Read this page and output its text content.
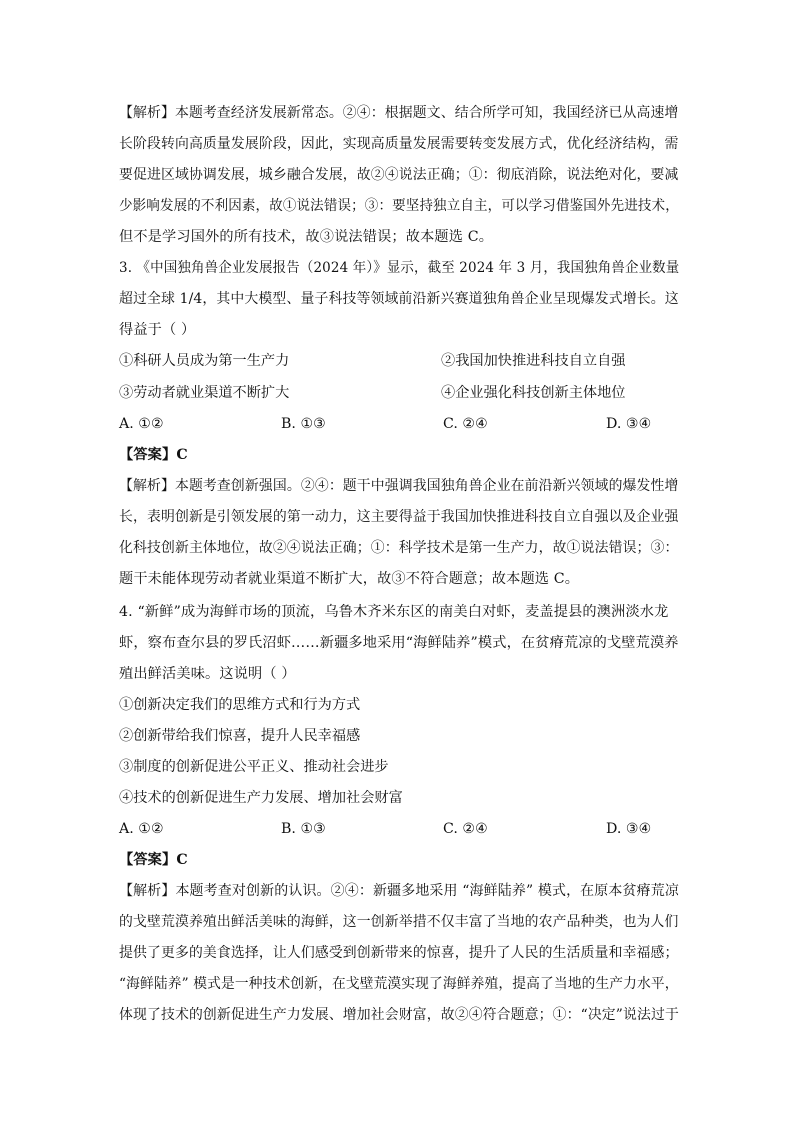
【解析】本题考查经济发展新常态。②④：根据题文、结合所学可知，我国经济已从高速增
长阶段转向高质量发展阶段，因此，实现高质量发展需要转变发展方式，优化经济结构，需
要促进区域协调发展，城乡融合发展，故②④说法正确；①：彻底消除，说法绝对化，要减
少影响发展的不利因素，故①说法错误；③：要坚持独立自主，可以学习借鉴国外先进技术，
但不是学习国外的所有技术，故③说法错误；故本题选 C。
3. 《中国独角兽企业发展报告（2024 年）》显示，截至 2024 年 3 月，我国独角兽企业数量
超过全球 1/4，其中大模型、量子科技等领域前沿新兴赛道独角兽企业呈现爆发式增长。这
得益于（ ）
①科研人员成为第一生产力	②我国加快推进科技自立自强
③劳动者就业渠道不断扩大	④企业强化科技创新主体地位
A. ①②	B. ①③	C. ②④	D. ③④
【答案】C
【解析】本题考查创新强国。②④：题干中强调我国独角兽企业在前沿新兴领域的爆发性增
长，表明创新是引领发展的第一动力，这主要得益于我国加快推进科技自立自强以及企业强
化科技创新主体地位，故②④说法正确；①：科学技术是第一生产力，故①说法错误；③：
题干未能体现劳动者就业渠道不断扩大，故③不符合题意；故本题选 C。
4. “新鲜”成为海鲜市场的顶流，乌鲁木齐米东区的南美白对虾，麦盖提县的澳洲淡水龙
虾，察布查尔县的罗氏沼虾……新疆多地采用“海鲜陆养”模式，在贫瘠荒凉的戈壁荒漠养
殖出鲜活美味。这说明（ ）
①创新决定我们的思维方式和行为方式
②创新带给我们惊喜，提升人民幸福感
③制度的创新促进公平正义、推动社会进步
④技术的创新促进生产力发展、增加社会财富
A. ①②	B. ①③	C. ②④	D. ③④
【答案】C
【解析】本题考查对创新的认识。②④：新疆多地采用 “海鲜陆养” 模式，在原本贫瘠荒凉
的戈壁荒漠养殖出鲜活美味的海鲜，这一创新举措不仅丰富了当地的农产品种类，也为人们
提供了更多的美食选择，让人们感受到创新带来的惊喜，提升了人民的生活质量和幸福感；
“海鲜陆养” 模式是一种技术创新，在戈壁荒漠实现了海鲜养殖，提高了当地的生产力水平，
体现了技术的创新促进生产力发展、增加社会财富，故②④符合题意；①：“决定”说法过于
